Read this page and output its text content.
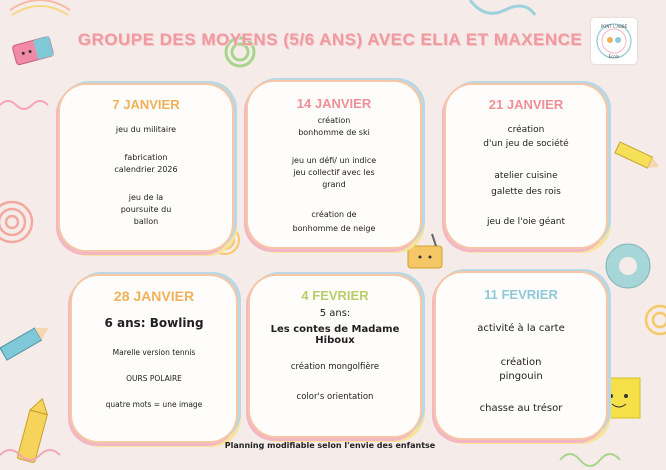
GROUPE DES MOYENS (5/6 ANS) AVEC ELIA ET MAXENCE
PONT L'ABBÉ
École
7 JANVIER
jeu du militaire
fabrication
calendrier 2026
jeu de la
poursuite du
ballon
14 JANVIER
création
bonhomme de ski
jeu un défi/ un indice
jeu collectif avec les
grand
création de
bonhomme de neige
21 JANVIER
création
d'un jeu de société
atelier cuisine
galette des rois
jeu de l'oie géant
28 JANVIER
6 ans: Bowling
Marelle version tennis
OURS POLAIRE
quatre mots = une image
4 FEVRIER
5 ans:
Les contes de Madame Hiboux
création mongolfière
color's orientation
11 FEVRIER
activité à la carte
création
pingouin
chasse au trésor
Planning modifiable selon l'envie des enfantse
